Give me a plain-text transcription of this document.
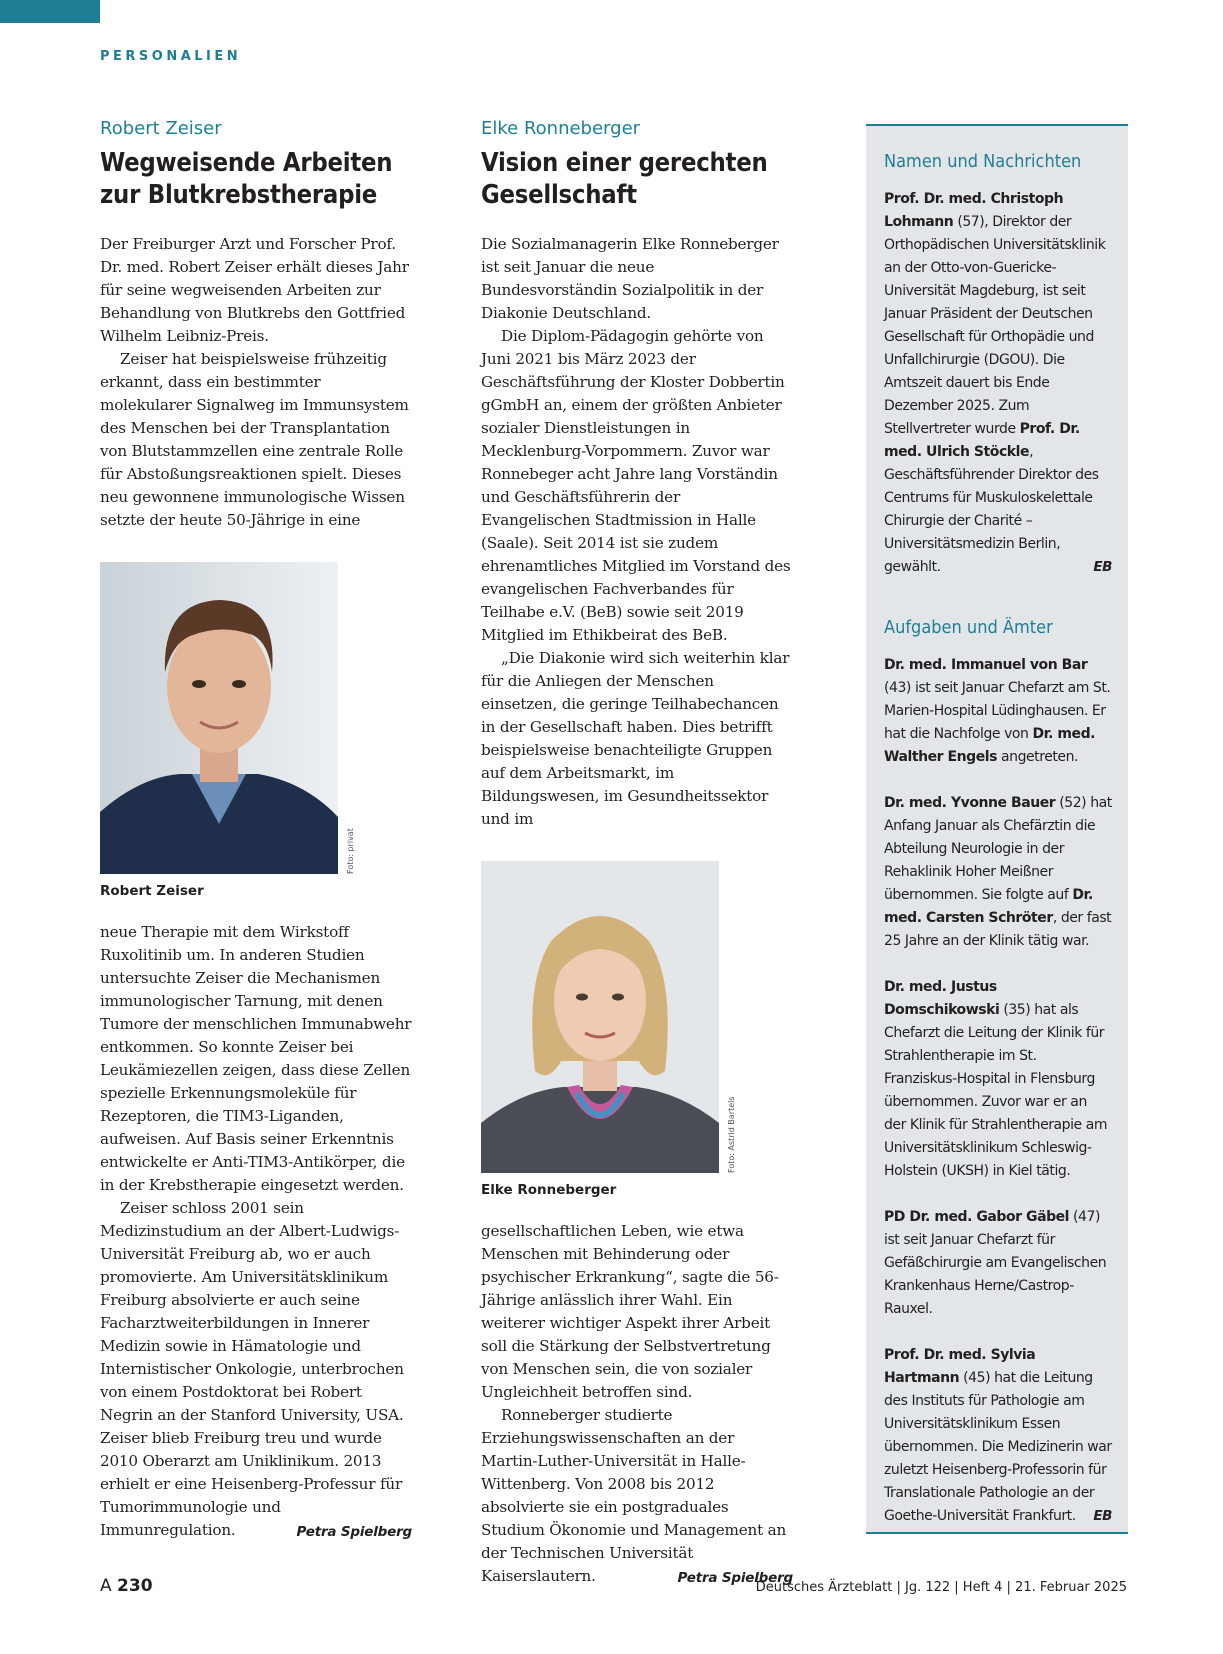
PERSONALIEN
Robert Zeiser
Wegweisende Arbeiten zur Blutkrebstherapie

Der Freiburger Arzt und Forscher Prof. Dr. med. Robert Zeiser erhält dieses Jahr für seine wegweisenden Arbeiten zur Behandlung von Blutkrebs den Gottfried Wilhelm Leibniz-Preis.

Zeiser hat beispielsweise frühzeitig erkannt, dass ein bestimmter molekularer Signalweg im Immunsystem des Menschen bei der Transplantation von Blutstammzellen eine zentrale Rolle für Abstoßungsreaktionen spielt. Dieses neu gewonnene immunologische Wissen setzte der heute 50-Jährige in eine

Foto: privat
Robert Zeiser

neue Therapie mit dem Wirkstoff Ruxolitinib um. In anderen Studien untersuchte Zeiser die Mechanismen immunologischer Tarnung, mit denen Tumore der menschlichen Immunabwehr entkommen. So konnte Zeiser bei Leukämiezellen zeigen, dass diese Zellen spezielle Erkennungsmoleküle für Rezeptoren, die TIM3-Liganden, aufweisen. Auf Basis seiner Erkenntnis entwickelte er Anti-TIM3-Antikörper, die in der Krebstherapie eingesetzt werden.

Zeiser schloss 2001 sein Medizinstudium an der Albert-Ludwigs-Universität Freiburg ab, wo er auch promovierte. Am Universitätsklinikum Freiburg absolvierte er auch seine Facharztweiterbildungen in Innerer Medizin sowie in Hämatologie und Internistischer Onkologie, unterbrochen von einem Postdoktorat bei Robert Negrin an der Stanford University, USA. Zeiser blieb Freiburg treu und wurde 2010 Oberarzt am Uniklinikum. 2013 erhielt er eine Heisenberg-Professur für Tumorimmunologie und Immunregulation.	Petra Spielberg

Elke Ronneberger
Vision einer gerechten Gesellschaft

Die Sozialmanagerin Elke Ronneberger ist seit Januar die neue Bundesvorständin Sozialpolitik in der Diakonie Deutschland.

Die Diplom-Pädagogin gehörte von Juni 2021 bis März 2023 der Geschäftsführung der Kloster Dobbertin gGmbH an, einem der größten Anbieter sozialer Dienstleistungen in Mecklenburg-Vorpommern. Zuvor war Ronnebeger acht Jahre lang Vorständin und Geschäftsführerin der Evangelischen Stadtmission in Halle (Saale). Seit 2014 ist sie zudem ehrenamtliches Mitglied im Vorstand des evangelischen Fachverbandes für Teilhabe e.V. (BeB) sowie seit 2019 Mitglied im Ethikbeirat des BeB.

„Die Diakonie wird sich weiterhin klar für die Anliegen der Menschen einsetzen, die geringe Teilhabechancen in der Gesellschaft haben. Dies betrifft beispielsweise benachteiligte Gruppen auf dem Arbeitsmarkt, im Bildungswesen, im Gesundheitssektor und im

Foto: Astrid Bartels
Elke Ronneberger

gesellschaftlichen Leben, wie etwa Menschen mit Behinderung oder psychischer Erkrankung“, sagte die 56-Jährige anlässlich ihrer Wahl. Ein weiterer wichtiger Aspekt ihrer Arbeit soll die Stärkung der Selbstvertretung von Menschen sein, die von sozialer Ungleichheit betroffen sind.

Ronneberger studierte Erziehungswissenschaften an der Martin-Luther-Universität in Halle-Wittenberg. Von 2008 bis 2012 absolvierte sie ein postgraduales Studium Ökonomie und Management an der Technischen Universität Kaiserslautern.	Petra Spielberg

Namen und Nachrichten
Prof. Dr. med. Christoph Lohmann (57), Direktor der Orthopädischen Universitätsklinik an der Otto-von-Guericke-Universität Magdeburg, ist seit Januar Präsident der Deutschen Gesellschaft für Orthopädie und Unfallchirurgie (DGOU). Die Amtszeit dauert bis Ende Dezember 2025. Zum Stellvertreter wurde Prof. Dr. med. Ulrich Stöckle, Geschäftsführender Direktor des Centrums für Muskuloskelettale Chirurgie der Charité – Universitätsmedizin Berlin, gewählt.	EB
Aufgaben und Ämter
Dr. med. Immanuel von Bar (43) ist seit Januar Chefarzt am St. Marien-Hospital Lüdinghausen. Er hat die Nachfolge von Dr. med. Walther Engels angetreten.
Dr. med. Yvonne Bauer (52) hat Anfang Januar als Chefärztin die Abteilung Neurologie in der Rehaklinik Hoher Meißner übernommen. Sie folgte auf Dr. med. Carsten Schröter, der fast 25 Jahre an der Klinik tätig war.
Dr. med. Justus Domschikowski (35) hat als Chefarzt die Leitung der Klinik für Strahlentherapie im St. Franziskus-Hospital in Flensburg übernommen. Zuvor war er an der Klinik für Strahlentherapie am Universitätsklinikum Schleswig-Holstein (UKSH) in Kiel tätig.
PD Dr. med. Gabor Gäbel (47) ist seit Januar Chefarzt für Gefäßchirurgie am Evangelischen Krankenhaus Herne/Castrop-Rauxel.
Prof. Dr. med. Sylvia Hartmann (45) hat die Leitung des Instituts für Pathologie am Universitätsklinikum Essen übernommen. Die Medizinerin war zuletzt Heisenberg-Professorin für Translationale Pathologie an der Goethe-Universität Frankfurt. EB
A 230	Deutsches Ärzteblatt | Jg. 122 | Heft 4 | 21. Februar 2025
